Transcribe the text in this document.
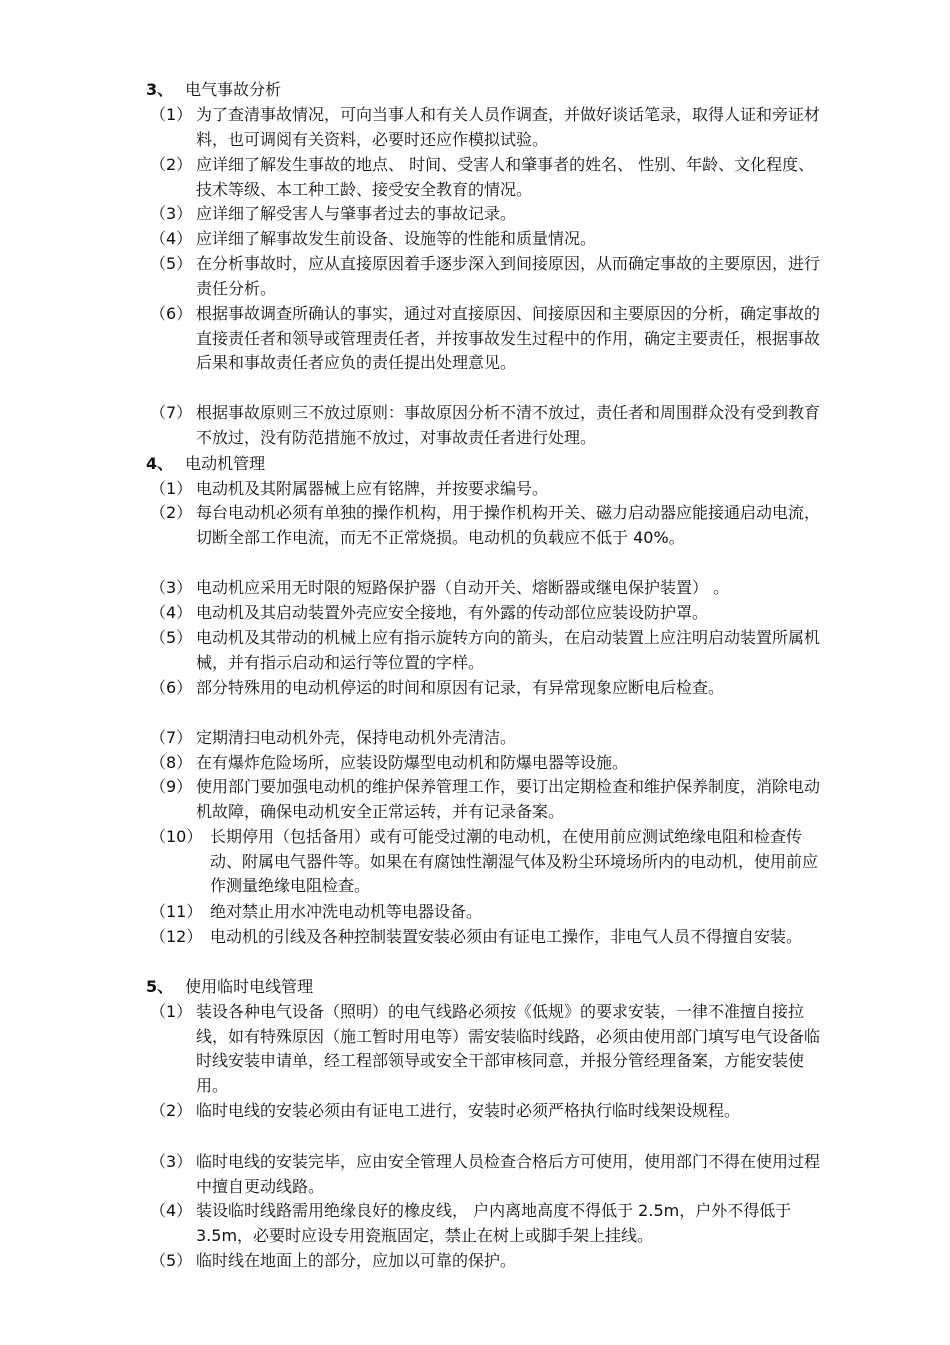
3、 电气事故分析
（1） 为了查清事故情况，可向当事人和有关人员作调查，并做好谈话笔录，取得人证和旁证材料，也可调阅有关资料，必要时还应作模拟试验。

（2） 应详细了解发生事故的地点、 时间、受害人和肇事者的姓名、 性别、年龄、文化程度、技术等级、本工种工龄、接受安全教育的情况。

（3） 应详细了解受害人与肇事者过去的事故记录。

（4） 应详细了解事故发生前设备、设施等的性能和质量情况。

（5） 在分析事故时，应从直接原因着手逐步深入到间接原因，从而确定事故的主要原因，进行责任分析。

（6） 根据事故调查所确认的事实，通过对直接原因、间接原因和主要原因的分析，确定事故的直接责任者和领导或管理责任者，并按事故发生过程中的作用，确定主要责任，根据事故后果和事故责任者应负的责任提出处理意见。

（7） 根据事故原则三不放过原则：事故原因分析不清不放过，责任者和周围群众没有受到教育不放过，没有防范措施不放过，对事故责任者进行处理。

4、 电动机管理
（1） 电动机及其附属器械上应有铭牌，并按要求编号。

（2） 每台电动机必须有单独的操作机构，用于操作机构开关、磁力启动器应能接通启动电流，切断全部工作电流，而无不正常烧损。电动机的负载应不低于 40%。

（3） 电动机应采用无时限的短路保护器（自动开关、熔断器或继电保护装置） 。

（4） 电动机及其启动装置外壳应安全接地，有外露的传动部位应装设防护罩。

（5） 电动机及其带动的机械上应有指示旋转方向的箭头，在启动装置上应注明启动装置所属机械，并有指示启动和运行等位置的字样。

（6） 部分特殊用的电动机停运的时间和原因有记录，有异常现象应断电后检查。

（7） 定期清扫电动机外壳，保持电动机外壳清洁。

（8） 在有爆炸危险场所，应装设防爆型电动机和防爆电器等设施。

（9） 使用部门要加强电动机的维护保养管理工作，要订出定期检查和维护保养制度，消除电动机故障，确保电动机安全正常运转，并有记录备案。

（10） 长期停用（包括备用）或有可能受过潮的电动机，在使用前应测试绝缘电阻和检查传动、附属电气器件等。如果在有腐蚀性潮湿气体及粉尘环境场所内的电动机，使用前应作测量绝缘电阻检查。

（11） 绝对禁止用水冲洗电动机等电器设备。

（12） 电动机的引线及各种控制装置安装必须由有证电工操作，非电气人员不得擅自安装。

5、 使用临时电线管理
（1） 装设各种电气设备（照明）的电气线路必须按《低规》的要求安装，一律不准擅自接拉线，如有特殊原因（施工暂时用电等）需安装临时线路，必须由使用部门填写电气设备临时线安装申请单，经工程部领导或安全干部审核同意，并报分管经理备案，方能安装使用。

（2） 临时电线的安装必须由有证电工进行，安装时必须严格执行临时线架设规程。

（3） 临时电线的安装完毕，应由安全管理人员检查合格后方可使用，使用部门不得在使用过程中擅自更动线路。

（4） 装设临时线路需用绝缘良好的橡皮线， 户内离地高度不得低于 2.5m，户外不得低于 3.5m，必要时应设专用瓷瓶固定，禁止在树上或脚手架上挂线。

（5） 临时线在地面上的部分，应加以可靠的保护。
